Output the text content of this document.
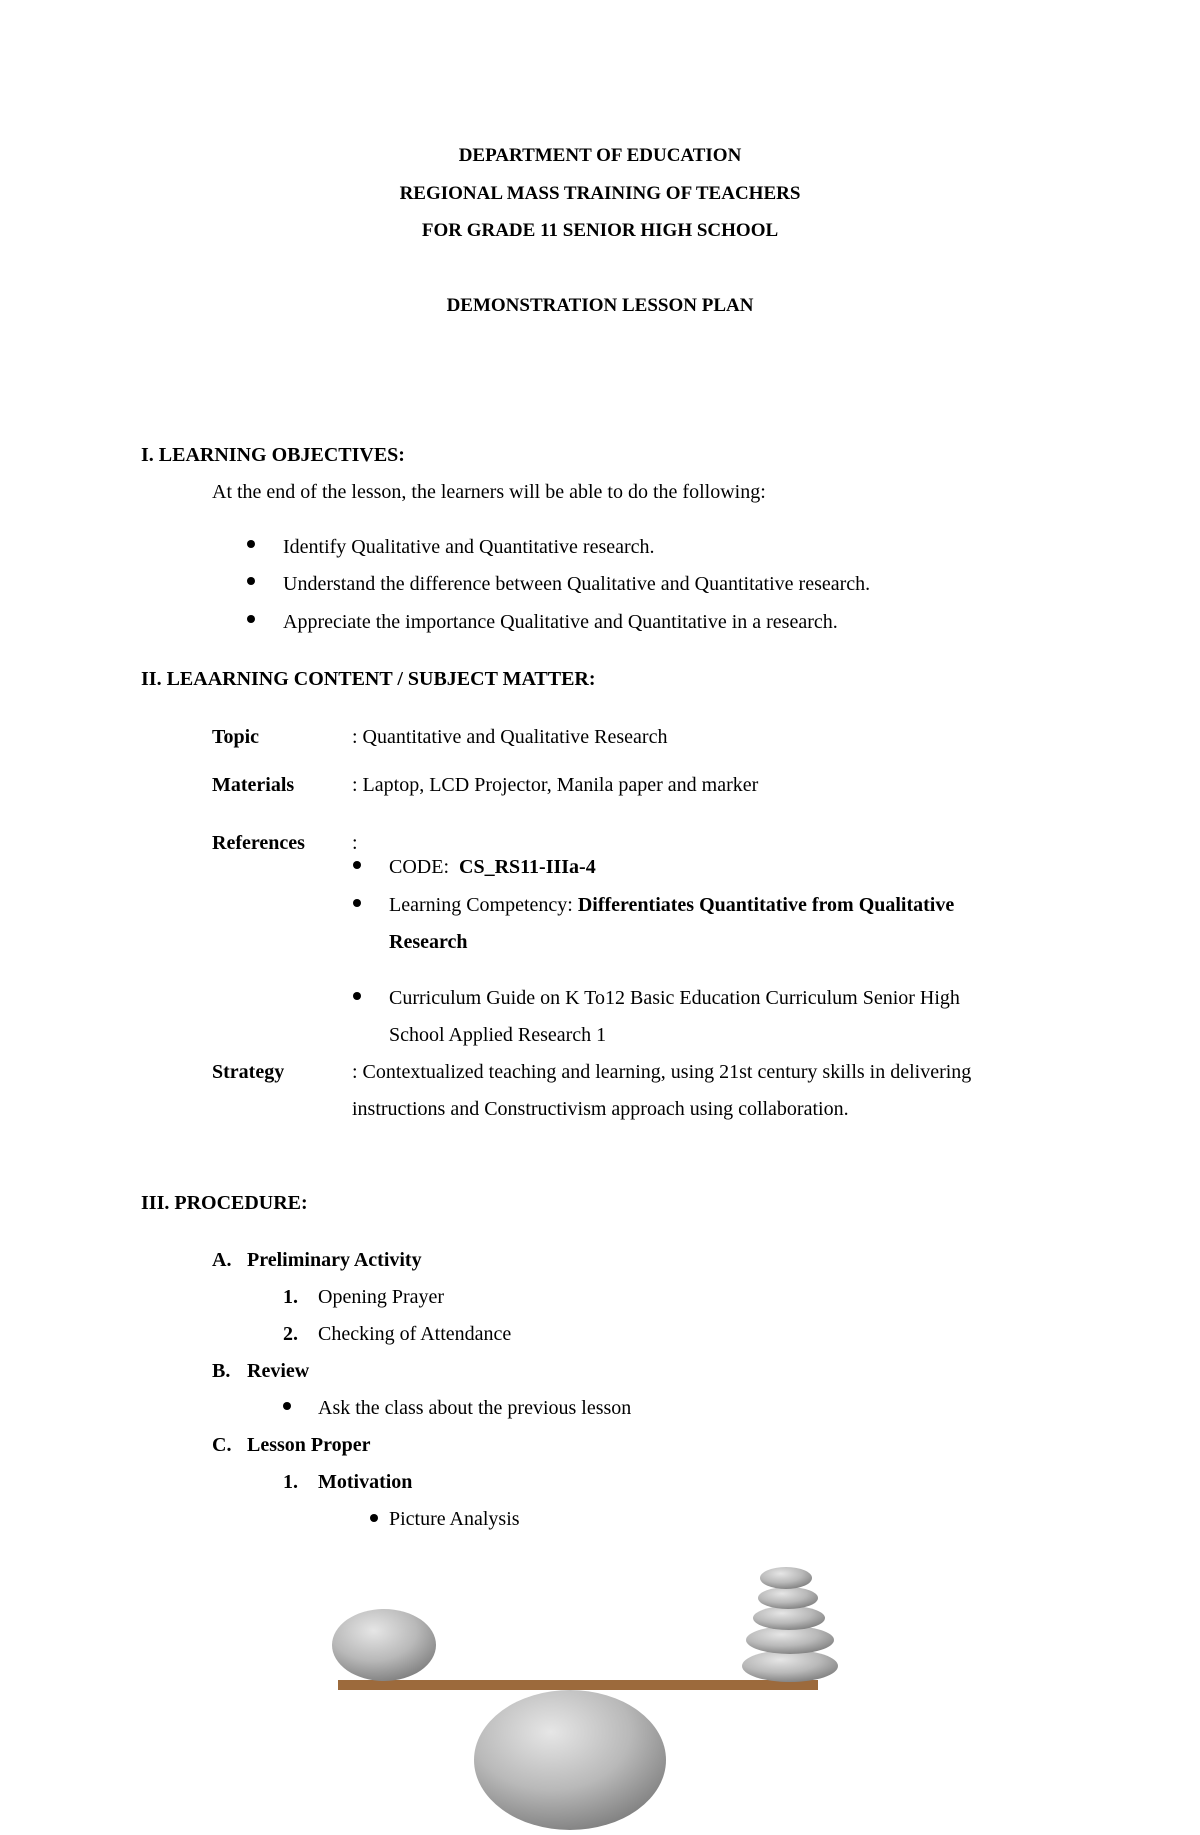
DEPARTMENT OF EDUCATION
REGIONAL MASS TRAINING OF TEACHERS
FOR GRADE 11 SENIOR HIGH SCHOOL
DEMONSTRATION LESSON PLAN
I. LEARNING OBJECTIVES:
At the end of the lesson, the learners will be able to do the following:
Identify Qualitative and Quantitative research.
Understand the difference between Qualitative and Quantitative research.
Appreciate the importance Qualitative and Quantitative in a research.
II. LEAARNING CONTENT / SUBJECT MATTER:
Topic	: Quantitative and Qualitative Research
Materials	: Laptop, LCD Projector, Manila paper and marker
References :
CODE: CS_RS11-IIIa-4
Learning Competency: Differentiates Quantitative from Qualitative
Research
Curriculum Guide on K To12 Basic Education Curriculum Senior High
School Applied Research 1
Strategy	: Contextualized teaching and learning, using 21st century skills in delivering
instructions and Constructivism approach using collaboration.
III. PROCEDURE:
A. Preliminary Activity
1. Opening Prayer
2. Checking of Attendance
B. Review
Ask the class about the previous lesson
C. Lesson Proper
1. Motivation
Picture Analysis
